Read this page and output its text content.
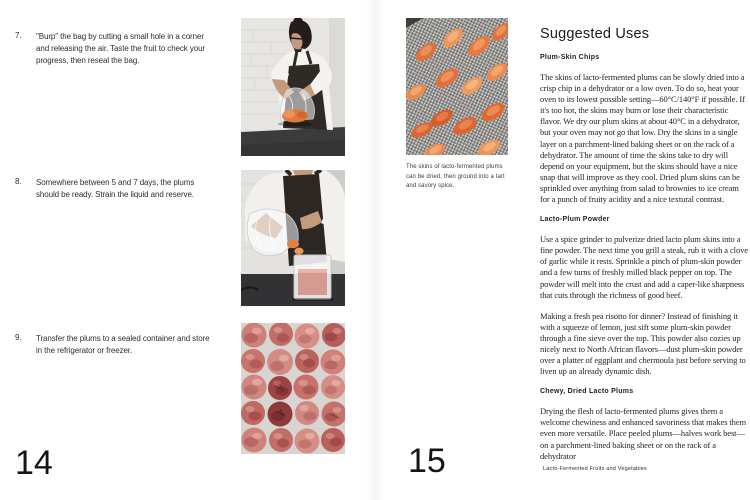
7. "Burp" the bag by cutting a small hole in a corner and releasing the air. Taste the fruit to check your progress, then reseal the bag.

8. Somewhere between 5 and 7 days, the plums should be ready. Strain the liquid and reserve.

9. Transfer the plums to a sealed container and store in the refrigerator or freezer.

14
The skins of lacto-fermented plums can be dried, then ground into a tart and savory spice.
Suggested Uses
Plum-Skin Chips

The skins of lacto-fermented plums can be slowly dried into a crisp chip in a dehydrator or a low oven. To do so, heat your oven to its lowest possible setting—60°C/140°F if possible. If it's too hot, the skins may burn or lose their characteristic flavor. We dry our plum skins at about 40°C in a dehydrator, but your oven may not go that low. Dry the skins in a single layer on a parchment-lined baking sheet or on the rack of a dehydrator. The amount of time the skins take to dry will depend on your equipment, but the skins should have a nice snap that will improve as they cool. Dried plum skins can be sprinkled over anything from salad to brownies to ice cream for a punch of fruity acidity and a nice textural contrast.

Lacto-Plum Powder

Use a spice grinder to pulverize dried lacto plum skins into a fine powder. The next time you grill a steak, rub it with a clove of garlic while it rests. Sprinkle a pinch of plum-skin powder and a few turns of freshly milled black pepper on top. The powder will melt into the crust and add a caper-like sharpness that cuts through the richness of good beef.

Making a fresh pea risotto for dinner? Instead of finishing it with a squeeze of lemon, just sift some plum-skin powder through a fine sieve over the top. This powder also cozies up nicely next to North African flavors—dust plum-skin powder over a platter of eggplant and chermoula just before serving to liven up an already dynamic dish.

Chewy, Dried Lacto Plums

Drying the flesh of lacto-fermented plums gives them a welcome chewiness and enhanced savoriness that makes them even more versatile. Place peeled plums—halves work best—on a parchment-lined baking sheet or on the rack of a dehydrator

15	Lacto-Fermented Fruits and Vegetables
